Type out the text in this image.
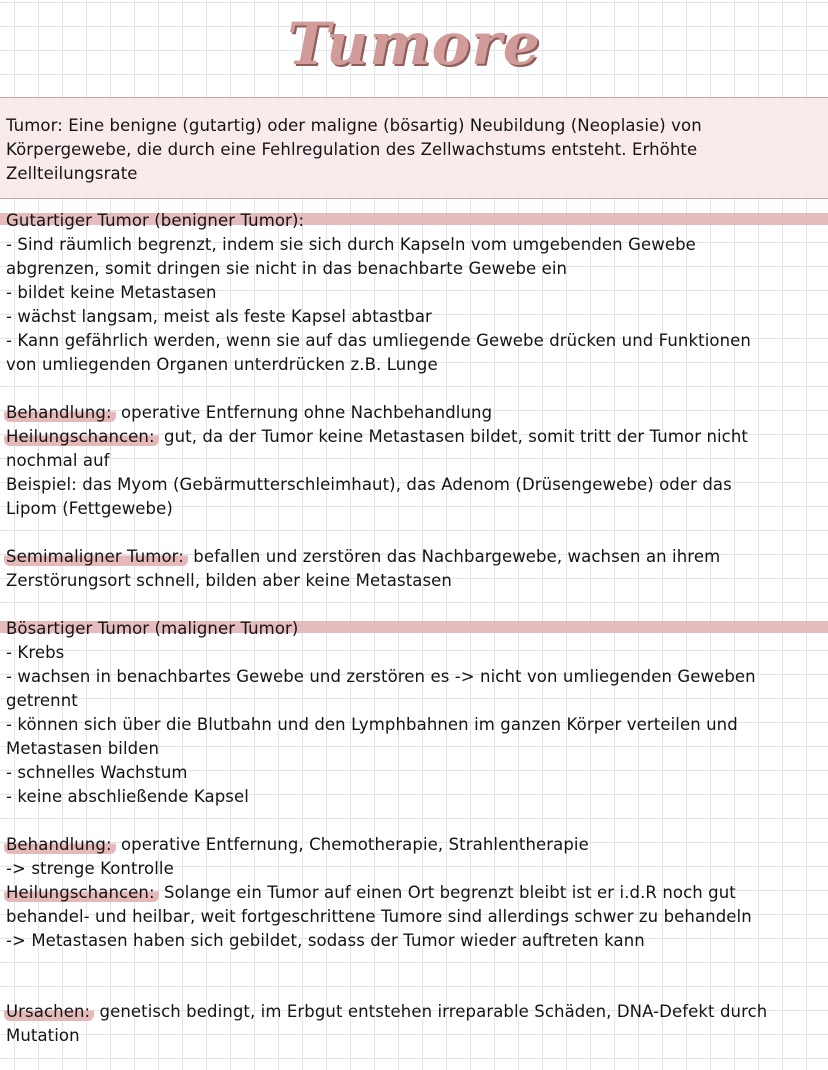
Tumore
Tumor: Eine benigne (gutartig) oder maligne (bösartig) Neubildung (Neoplasie) von
Körpergewebe, die durch eine Fehlregulation des Zellwachstums entsteht. Erhöhte
Zellteilungsrate
Gutartiger Tumor (benigner Tumor):
- Sind räumlich begrenzt, indem sie sich durch Kapseln vom umgebenden Gewebe
abgrenzen, somit dringen sie nicht in das benachbarte Gewebe ein
- bildet keine Metastasen
- wächst langsam, meist als feste Kapsel abtastbar
- Kann gefährlich werden, wenn sie auf das umliegende Gewebe drücken und Funktionen
von umliegenden Organen unterdrücken z.B. Lunge
Behandlung: operative Entfernung ohne Nachbehandlung
Heilungschancen: gut, da der Tumor keine Metastasen bildet, somit tritt der Tumor nicht
nochmal auf
Beispiel: das Myom (Gebärmutterschleimhaut), das Adenom (Drüsengewebe) oder das
Lipom (Fettgewebe)
Semimaligner Tumor: befallen und zerstören das Nachbargewebe, wachsen an ihrem
Zerstörungsort schnell, bilden aber keine Metastasen
Bösartiger Tumor (maligner Tumor)
- Krebs
- wachsen in benachbartes Gewebe und zerstören es -> nicht von umliegenden Geweben
getrennt
- können sich über die Blutbahn und den Lymphbahnen im ganzen Körper verteilen und
Metastasen bilden
- schnelles Wachstum
- keine abschließende Kapsel
Behandlung: operative Entfernung, Chemotherapie, Strahlentherapie
-> strenge Kontrolle
Heilungschancen: Solange ein Tumor auf einen Ort begrenzt bleibt ist er i.d.R noch gut
behandel- und heilbar, weit fortgeschrittene Tumore sind allerdings schwer zu behandeln
-> Metastasen haben sich gebildet, sodass der Tumor wieder auftreten kann
Ursachen: genetisch bedingt, im Erbgut entstehen irreparable Schäden, DNA-Defekt durch
Mutation
